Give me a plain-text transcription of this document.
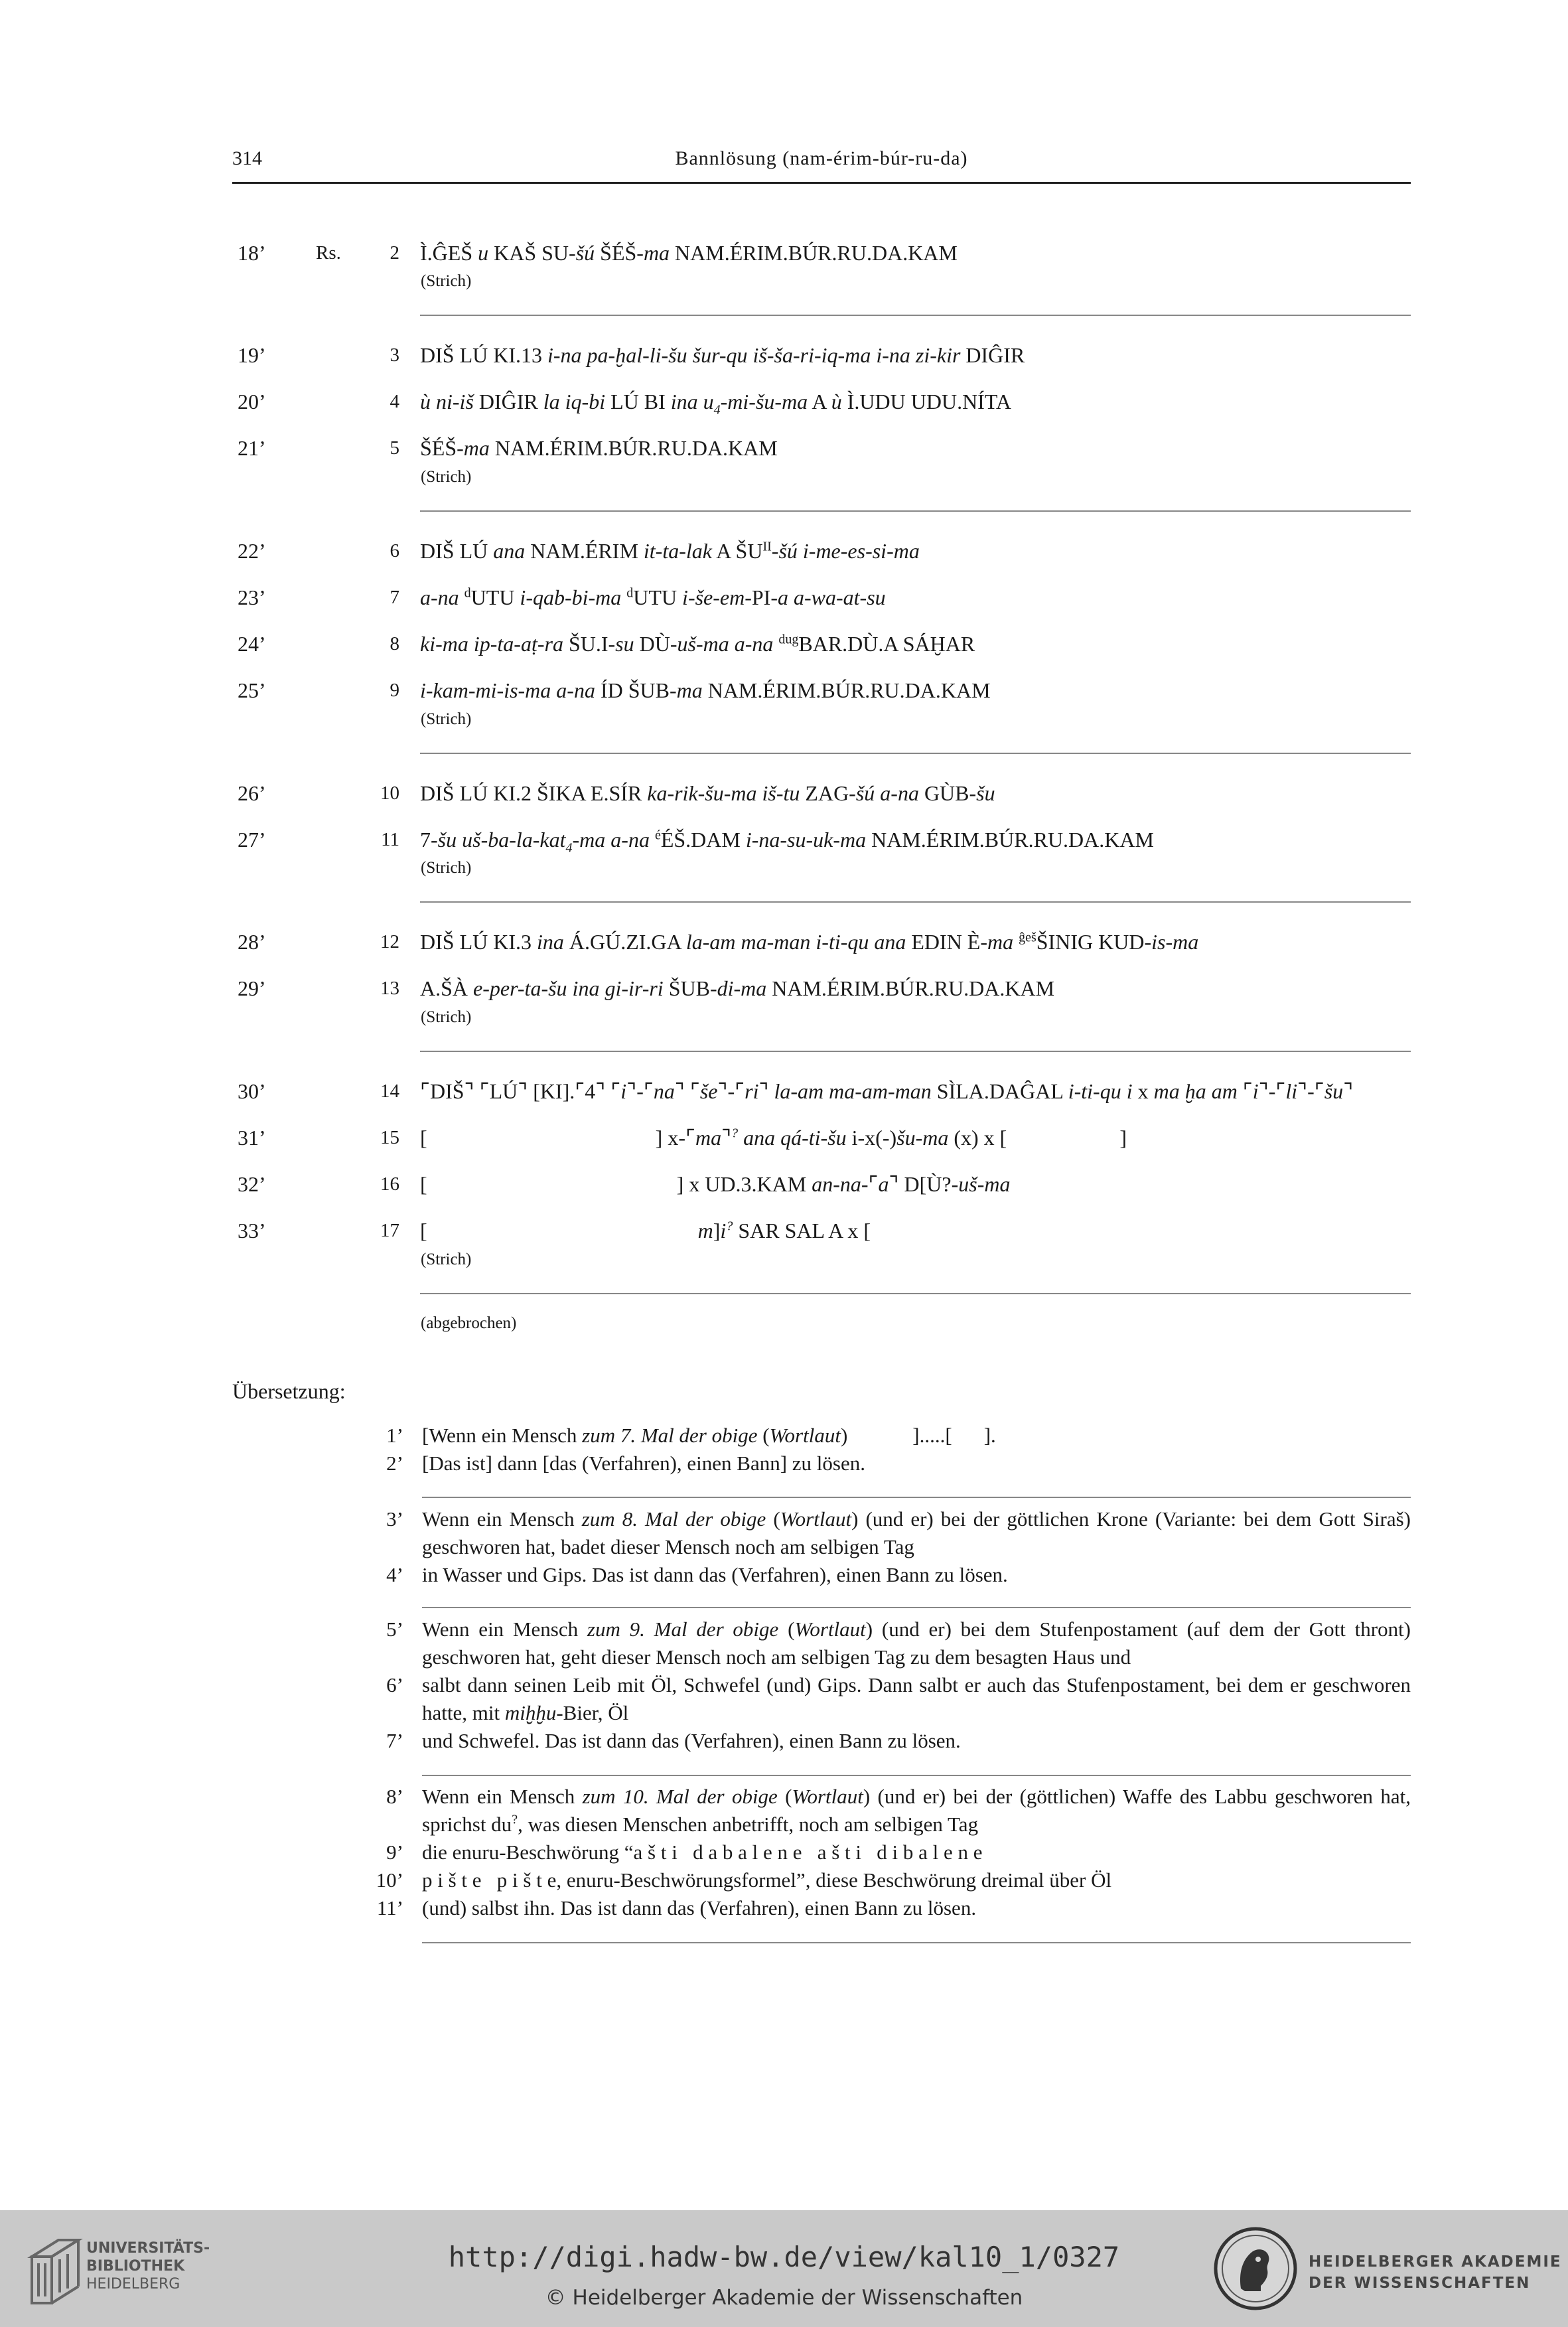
314	Bannlösung (nam-érim-búr-ru-da)
18’	Rs.	2 Ì.ĜEŠ u KAŠ SU-šú ŠÉŠ-ma NAM.ÉRIM.BÚR.RU.DA.KAM
(Strich)
19’	3 DIŠ LÚ KI.13 i-na pa-ḫal-li-šu šur-qu iš-ša-ri-iq-ma i-na zi-kir DIĜIR
20’	4 ù ni-iš DIĜIR la iq-bi LÚ BI ina $u_4-mi-šu-ma$ A ù Ì.UDU UDU.NÍTA
21’	5 ŠÉŠ-ma NAM.ÉRIM.BÚR.RU.DA.KAM
(Strich)
22’	6 DIŠ LÚ ana NAM.ÉRIM it-ta-lak A $ŠU^{II}-šú$ i-me-es-si-ma
23’	7 a-na $^d$UTU i-qab-bi-ma $^d$UTU i-še-em-PI-a a-wa-at-su
24’	8 ki-ma ip-ta-aṭ-ra ŠU.I-su DÙ-uš-ma a-na $^{dug}$BAR.DÙ.A SÁḪAR
25’	9 i-kam-mi-is-ma a-na ÍD ŠUB-ma NAM.ÉRIM.BÚR.RU.DA.KAM
(Strich)
26’	10 DIŠ LÚ KI.2 ŠIKA E.SÍR ka-rik-šu-ma iš-tu ZAG-šú a-na GÙB-šu
27’	11 7-šu uš-ba-la-kat$_4$-ma a-na $^é$ÉŠ.DAM i-na-su-uk-ma NAM.ÉRIM.BÚR.RU.DA.KAM
(Strich)
28’	12 DIŠ LÚ KI.3 ina Á.GÚ.ZI.GA la-am ma-man i-ti-qu ana EDIN È-ma $^{ĝeš}$ŠINIG KUD-is-ma
29’	13 A.ŠÀ e-per-ta-šu ina gi-ir-ri ŠUB-di-ma NAM.ÉRIM.BÚR.RU.DA.KAM
(Strich)
30’	14 ⌜DIŠ⌝ ⌜LÚ⌝ [KI].⌜4⌝ ⌜i⌝-⌜na⌝ ⌜še⌝-⌜ri⌝ la-am ma-am-man SÌLA.DAĜAL i-ti-qu i x ma ḫa am ⌜i⌝-⌜li⌝-⌜šu⌝
31’	15 [	] x-⌜ma⌝? ana qá-ti-šu i-x(-)šu-ma (x) x [	]
32’	16 [	] x UD.3.KAM an-na-⌜a⌝ D[Ù?-uš-ma
33’	17 [	m]i? SAR SAL A x [
(Strich)
(abgebrochen)
Übersetzung:
1’ [Wenn ein Mensch zum 7. Mal der obige (Wortlaut)	].....[ ].
2’ [Das ist] dann [das (Verfahren), einen Bann] zu lösen.
3’ Wenn ein Mensch zum 8. Mal der obige (Wortlaut) (und er) bei der göttlichen Krone (Variante: bei dem Gott Siraš) geschworen hat, badet dieser Mensch noch am selbigen Tag
4’ in Wasser und Gips. Das ist dann das (Verfahren), einen Bann zu lösen.
5’ Wenn ein Mensch zum 9. Mal der obige (Wortlaut) (und er) bei dem Stufenpostament (auf dem der Gott thront) geschworen hat, geht dieser Mensch noch am selbigen Tag zu dem besagten Haus und
6’ salbt dann seinen Leib mit Öl, Schwefel (und) Gips. Dann salbt er auch das Stufenpostament, bei dem er geschworen hatte, mit miḫḫu-Bier, Öl
7’ und Schwefel. Das ist dann das (Verfahren), einen Bann zu lösen.
8’ Wenn ein Mensch zum 10. Mal der obige (Wortlaut) (und er) bei der (göttlichen) Waffe des Labbu geschworen hat, sprichst du?, was diesen Menschen anbetrifft, noch am selbigen Tag
9’ die enuru-Beschwörung “a š t i   d a b a l e n e   a š t i   d i b a l e n e
10’ p i š t e   p i š t e, enuru-Beschwörungsformel”, diese Beschwörung dreimal über Öl
11’ (und) salbst ihn. Das ist dann das (Verfahren), einen Bann zu lösen.
UNIVERSITÄTS-
BIBLIOTHEK
HEIDELBERG
http://digi.hadw-bw.de/view/kal10_1/0327
© Heidelberger Akademie der Wissenschaften
HEIDELBERGER AKADEMIE
DER WISSENSCHAFTEN
